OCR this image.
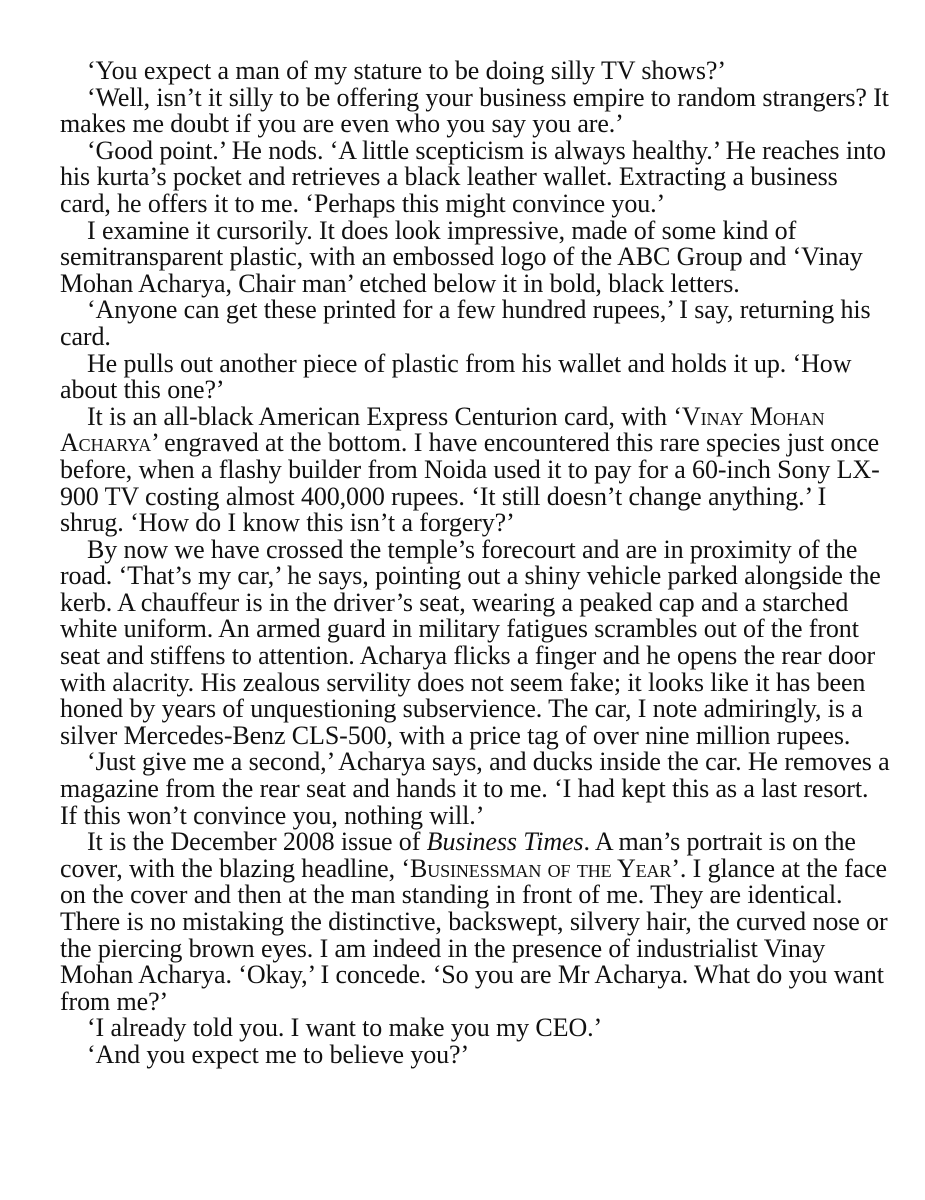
‘You expect a man of my stature to be doing silly TV shows?’

‘Well, isn’t it silly to be offering your business empire to random strangers? It makes me doubt if you are even who you say you are.’

‘Good point.’ He nods. ‘A little scepticism is always healthy.’ He reaches into his kurta’s pocket and retrieves a black leather wallet. Extracting a business card, he offers it to me. ‘Perhaps this might convince you.’

I examine it cursorily. It does look impressive, made of some kind of semitransparent plastic, with an embossed logo of the ABC Group and ‘Vinay Mohan Acharya, Chair man’ etched below it in bold, black letters.

‘Anyone can get these printed for a few hundred rupees,’ I say, returning his card.

He pulls out another piece of plastic from his wallet and holds it up. ‘How about this one?’

It is an all-black American Express Centurion card, with ‘Vinay Mohan Acharya’ engraved at the bottom. I have encountered this rare species just once before, when a flashy builder from Noida used it to pay for a 60-inch Sony LX-900 TV costing almost 400,000 rupees. ‘It still doesn’t change anything.’ I shrug. ‘How do I know this isn’t a forgery?’

By now we have crossed the temple’s forecourt and are in proximity of the road. ‘That’s my car,’ he says, pointing out a shiny vehicle parked alongside the kerb. A chauffeur is in the driver’s seat, wearing a peaked cap and a starched white uniform. An armed guard in military fatigues scrambles out of the front seat and stiffens to attention. Acharya flicks a finger and he opens the rear door with alacrity. His zealous servility does not seem fake; it looks like it has been honed by years of unquestioning subservience. The car, I note admiringly, is a silver Mercedes-Benz CLS-500, with a price tag of over nine million rupees.

‘Just give me a second,’ Acharya says, and ducks inside the car. He removes a magazine from the rear seat and hands it to me. ‘I had kept this as a last resort. If this won’t convince you, nothing will.’

It is the December 2008 issue of Business Times. A man’s portrait is on the cover, with the blazing headline, ‘Businessman of the Year’. I glance at the face on the cover and then at the man standing in front of me. They are identical. There is no mistaking the distinctive, backswept, silvery hair, the curved nose or the piercing brown eyes. I am indeed in the presence of industrialist Vinay Mohan Acharya. ‘Okay,’ I concede. ‘So you are Mr Acharya. What do you want from me?’

‘I already told you. I want to make you my CEO.’

‘And you expect me to believe you?’
